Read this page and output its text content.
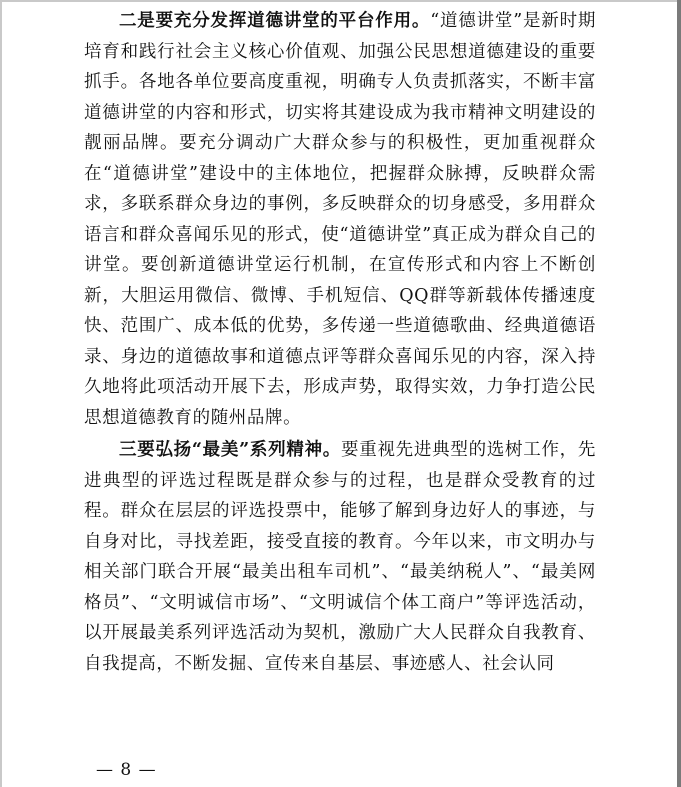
二是要充分发挥道德讲堂的平台作用。“道德讲堂”是新时期培育和践行社会主义核心价值观、加强公民思想道德建设的重要抓手。各地各单位要高度重视，明确专人负责抓落实，不断丰富道德讲堂的内容和形式，切实将其建设成为我市精神文明建设的靓丽品牌。要充分调动广大群众参与的积极性，更加重视群众在“道德讲堂”建设中的主体地位，把握群众脉搏，反映群众需求，多联系群众身边的事例，多反映群众的切身感受，多用群众语言和群众喜闻乐见的形式，使“道德讲堂”真正成为群众自己的讲堂。要创新道德讲堂运行机制，在宣传形式和内容上不断创新，大胆运用微信、微博、手机短信、QQ群等新载体传播速度快、范围广、成本低的优势，多传递一些道德歌曲、经典道德语录、身边的道德故事和道德点评等群众喜闻乐见的内容，深入持久地将此项活动开展下去，形成声势，取得实效，力争打造公民思想道德教育的随州品牌。

三要弘扬“最美”系列精神。要重视先进典型的选树工作，先进典型的评选过程既是群众参与的过程，也是群众受教育的过程。群众在层层的评选投票中，能够了解到身边好人的事迹，与自身对比，寻找差距，接受直接的教育。今年以来，市文明办与相关部门联合开展“最美出租车司机”、“最美纳税人”、“最美网格员”、“文明诚信市场”、“文明诚信个体工商户”等评选活动，以开展最美系列评选活动为契机，激励广大人民群众自我教育、自我提高，不断发掘、宣传来自基层、事迹感人、社会认同

— 8 —
